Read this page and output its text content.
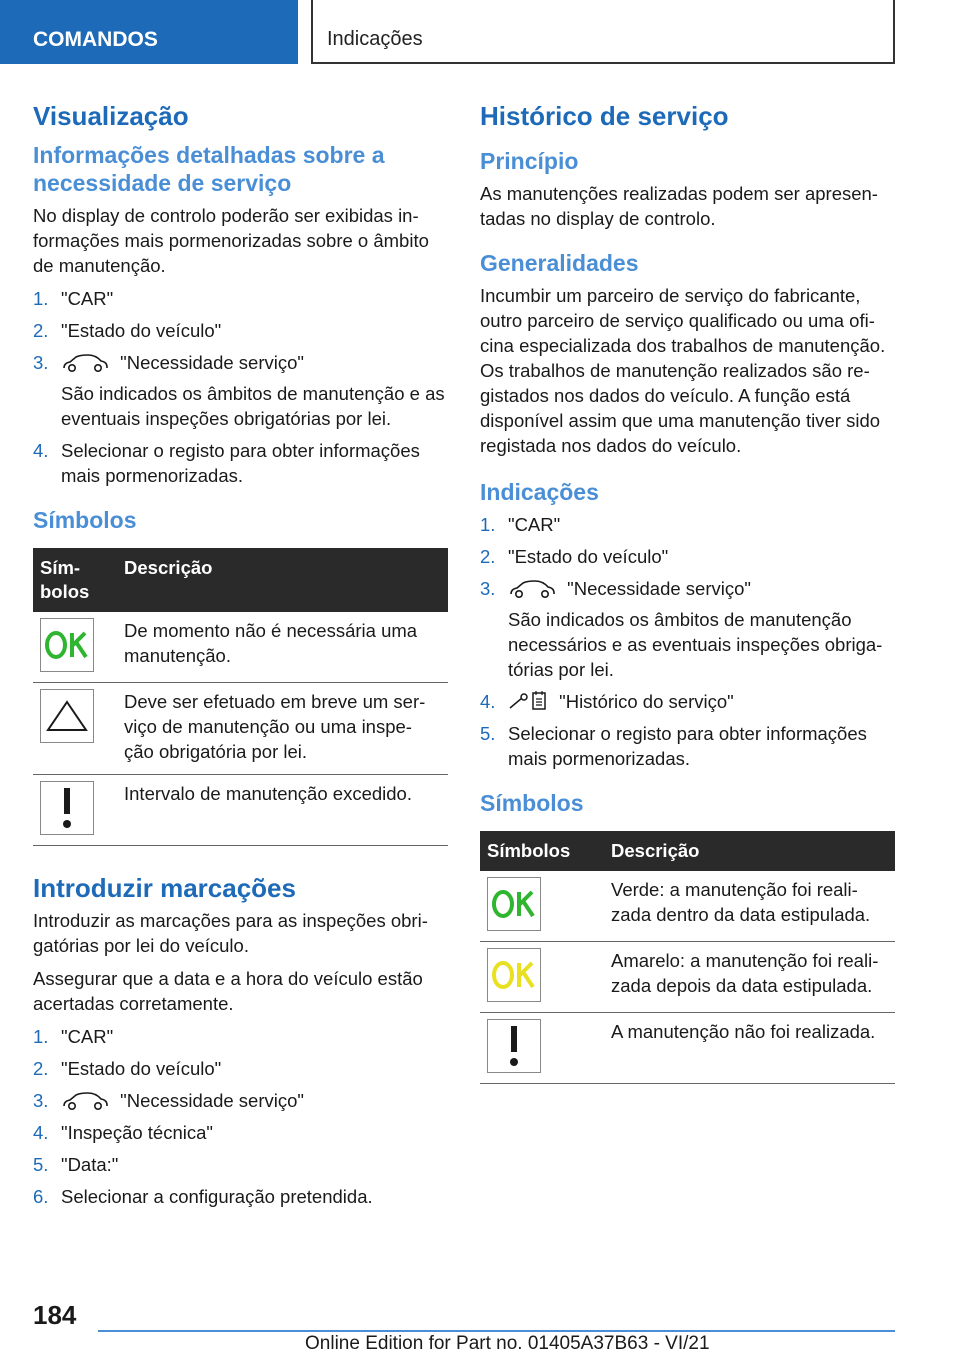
COMANDOS	Indicações
Visualização
Informações detalhadas sobre a necessidade de serviço

No display de controlo poderão ser exibidas in-formações mais pormenorizadas sobre o âmbito de manutenção.

1. "CAR"
2. "Estado do veículo"
3.	"Necessidade serviço"
São indicados os âmbitos de manutenção e as eventuais inspeções obrigatórias por lei.
4. Selecionar o registo para obter informações mais pormenorizadas.
Símbolos
Sím-bolos	Descrição

	De momento não é necessária uma manutenção.

	Deve ser efetuado em breve um ser-viço de manutenção ou uma inspe-ção obrigatória por lei.

	Intervalo de manutenção excedido.
Introduzir marcações

Introduzir as marcações para as inspeções obri-gatórias por lei do veículo.

Assegurar que a data e a hora do veículo estão acertadas corretamente.

1. "CAR"
2. "Estado do veículo"
3.	"Necessidade serviço"
4. "Inspeção técnica"
5. "Data:"
6. Selecionar a configuração pretendida.
Histórico de serviço
Princípio

As manutenções realizadas podem ser apresen-tadas no display de controlo.

Generalidades

Incumbir um parceiro de serviço do fabricante, outro parceiro de serviço qualificado ou uma ofi-cina especializada dos trabalhos de manutenção.

Os trabalhos de manutenção realizados são re-gistados nos dados do veículo. A função está disponível assim que uma manutenção tiver sido registada nos dados do veículo.

Indicações
1. "CAR"
2. "Estado do veículo"
3.	"Necessidade serviço"
São indicados os âmbitos de manutenção necessários e as eventuais inspeções obriga-tórias por lei.
4.	"Histórico do serviço"
5. Selecionar o registo para obter informações mais pormenorizadas.
Símbolos
Símbolos	Descrição

	Verde: a manutenção foi reali-zada dentro da data estipulada.

	Amarelo: a manutenção foi reali-zada depois da data estipulada.

	A manutenção não foi realizada.
184
Online Edition for Part no. 01405A37B63 - VI/21
